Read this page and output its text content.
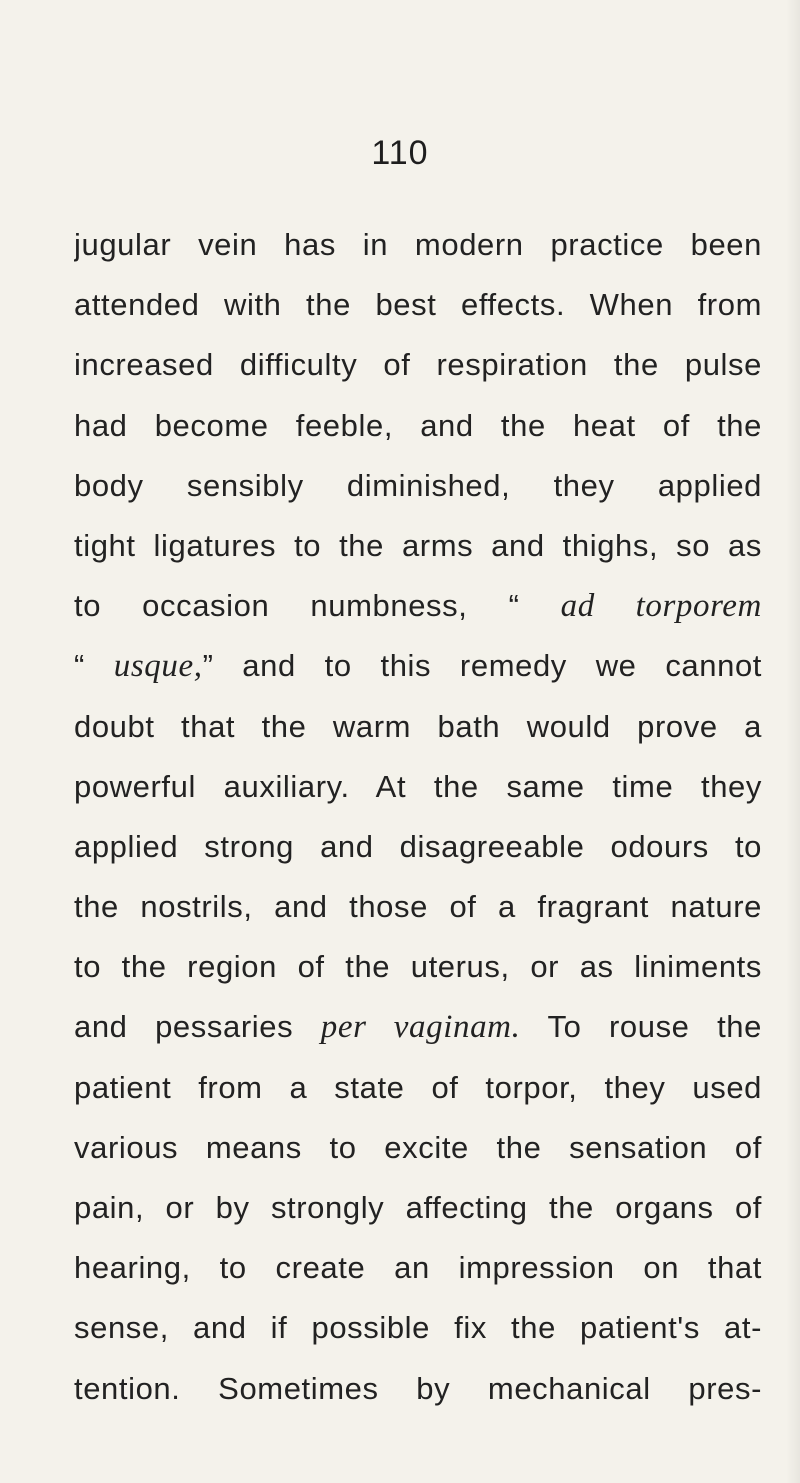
110
jugular vein has in modern practice been
attended with the best effects. When from
increased difficulty of respiration the pulse
had become feeble, and the heat of the
body sensibly diminished, they applied
tight ligatures to the arms and thighs, so as
to occasion numbness, “ ad torporem
“ usque,” and to this remedy we cannot
doubt that the warm bath would prove a
powerful auxiliary. At the same time they
applied strong and disagreeable odours to
the nostrils, and those of a fragrant nature
to the region of the uterus, or as liniments
and pessaries per vaginam. To rouse the
patient from a state of torpor, they used
various means to excite the sensation of
pain, or by strongly affecting the organs of
hearing, to create an impression on that
sense, and if possible fix the patient's at-
tention. Sometimes by mechanical pres-
